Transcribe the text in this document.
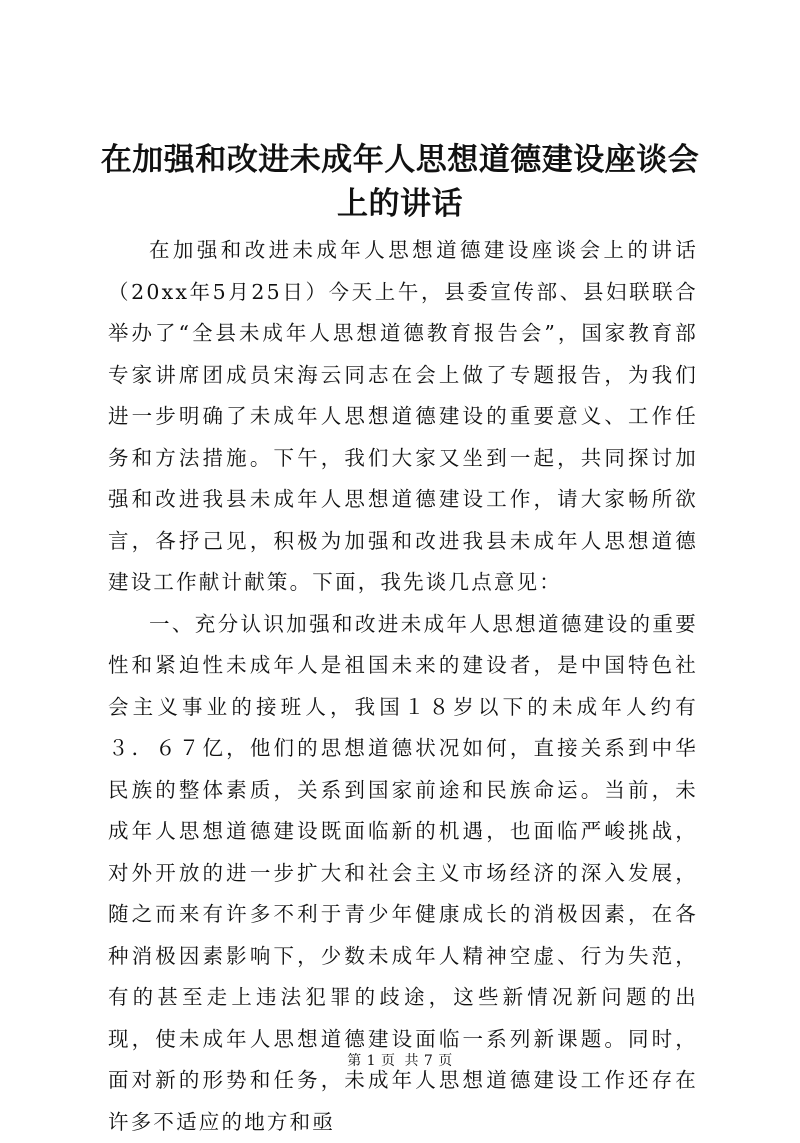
在加强和改进未成年人思想道德建设座谈会上的讲话

在加强和改进未成年人思想道德建设座谈会上的讲话（20xx年5月25日）今天上午，县委宣传部、县妇联联合举办了“全县未成年人思想道德教育报告会”，国家教育部专家讲席团成员宋海云同志在会上做了专题报告，为我们进一步明确了未成年人思想道德建设的重要意义、工作任务和方法措施。下午，我们大家又坐到一起，共同探讨加强和改进我县未成年人思想道德建设工作，请大家畅所欲言，各抒己见，积极为加强和改进我县未成年人思想道德建设工作献计献策。下面，我先谈几点意见：

一、充分认识加强和改进未成年人思想道德建设的重要性和紧迫性未成年人是祖国未来的建设者，是中国特色社会主义事业的接班人，我国１８岁以下的未成年人约有３．６７亿，他们的思想道德状况如何，直接关系到中华民族的整体素质，关系到国家前途和民族命运。当前，未成年人思想道德建设既面临新的机遇，也面临严峻挑战，对外开放的进一步扩大和社会主义市场经济的深入发展，随之而来有许多不利于青少年健康成长的消极因素，在各种消极因素影响下，少数未成年人精神空虚、行为失范，有的甚至走上违法犯罪的歧途，这些新情况新问题的出现，使未成年人思想道德建设面临一系列新课题。同时，面对新的形势和任务，未成年人思想道德建设工作还存在许多不适应的地方和亟

第 1 页 共 7 页
